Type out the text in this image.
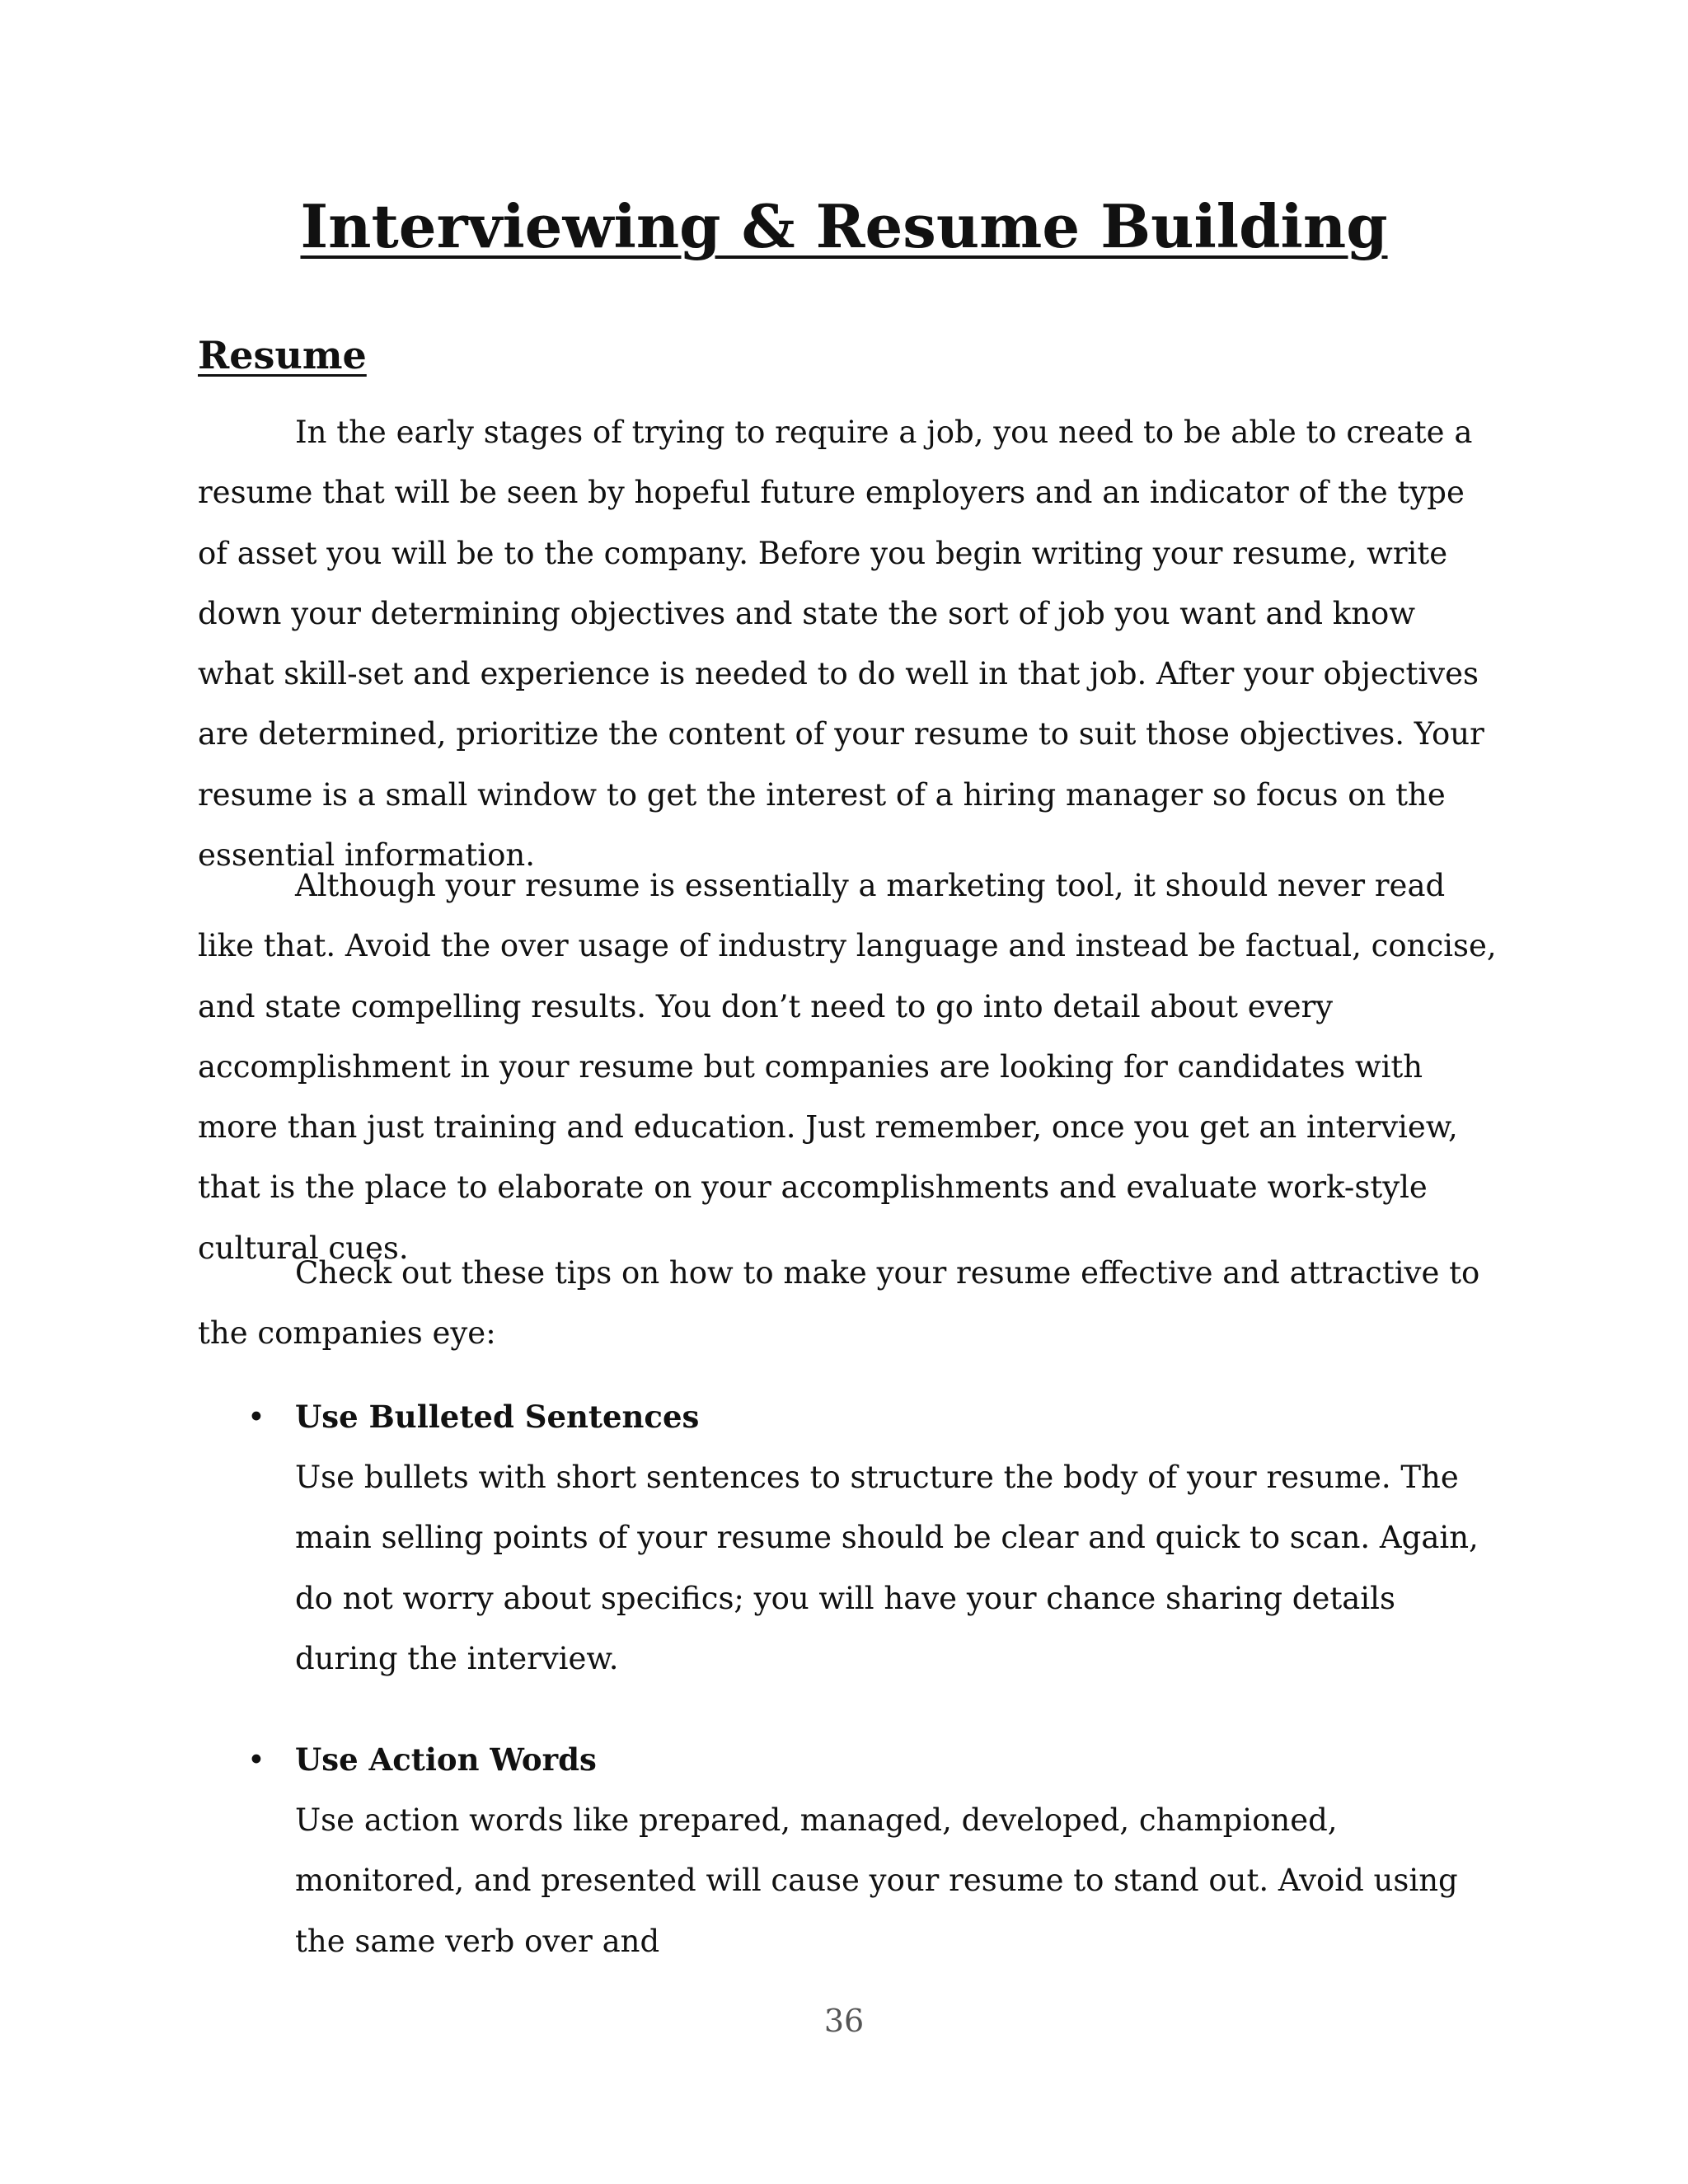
Interviewing & Resume Building
Resume

In the early stages of trying to require a job, you need to be able to create a resume that will be seen by hopeful future employers and an indicator of the type of asset you will be to the company. Before you begin writing your resume, write down your determining objectives and state the sort of job you want and know what skill-set and experience is needed to do well in that job. After your objectives are determined, prioritize the content of your resume to suit those objectives. Your resume is a small window to get the interest of a hiring manager so focus on the essential information.

Although your resume is essentially a marketing tool, it should never read like that. Avoid the over usage of industry language and instead be factual, concise, and state compelling results. You don’t need to go into detail about every accomplishment in your resume but companies are looking for candidates with more than just training and education. Just remember, once you get an interview, that is the place to elaborate on your accomplishments and evaluate work-style cultural cues.

Check out these tips on how to make your resume effective and attractive to the companies eye:

• Use Bulleted Sentences

Use bullets with short sentences to structure the body of your resume. The main selling points of your resume should be clear and quick to scan. Again, do not worry about specifics; you will have your chance sharing details during the interview.

• Use Action Words

Use action words like prepared, managed, developed, championed, monitored, and presented will cause your resume to stand out. Avoid using the same verb over and

36
